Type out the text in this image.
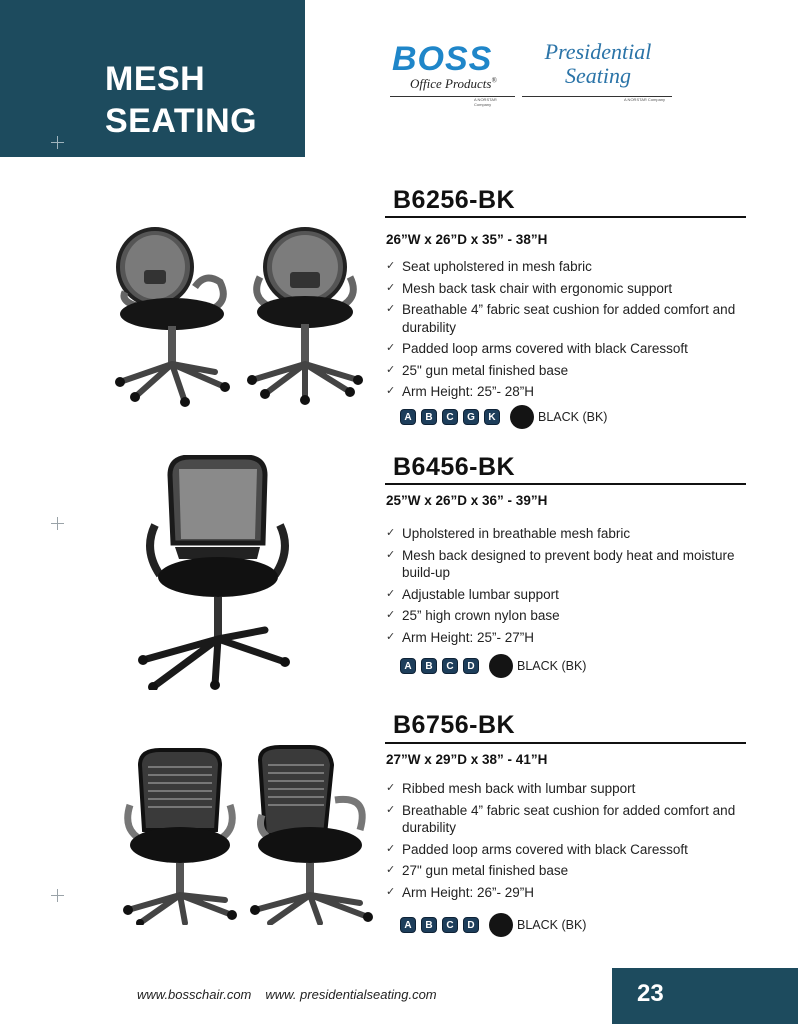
MESH
SEATING
BOSS
Office Products®
A NORSTAR Company
Presidential
Seating
A NORSTAR Company
B6256-BK
26”W x 26”D x 35” - 38”H
✓ Seat upholstered in mesh fabric
✓ Mesh back task chair with ergonomic support
✓ Breathable 4” fabric seat cushion for added comfort and durability
✓ Padded loop arms covered with black Caressoft
✓ 25" gun metal finished base
✓ Arm Height: 25”- 28”H
A	B	C	G	K	BLACK (BK)
B6456-BK
25”W x 26”D x 36” - 39”H
✓ Upholstered in breathable mesh fabric
✓ Mesh back designed to prevent body heat and moisture build-up
✓ Adjustable lumbar support
✓ 25” high crown nylon base
✓ Arm Height: 25”- 27”H
A	B	C	D	BLACK (BK)
B6756-BK
27”W x 29”D x 38” - 41”H
✓ Ribbed mesh back with lumbar support
✓ Breathable 4” fabric seat cushion for added comfort and durability
✓ Padded loop arms covered with black Caressoft
✓ 27" gun metal finished base
✓ Arm Height: 26”- 29”H
A	B	C	D	BLACK (BK)
www.bosschair.com www. presidentialseating.com	23
